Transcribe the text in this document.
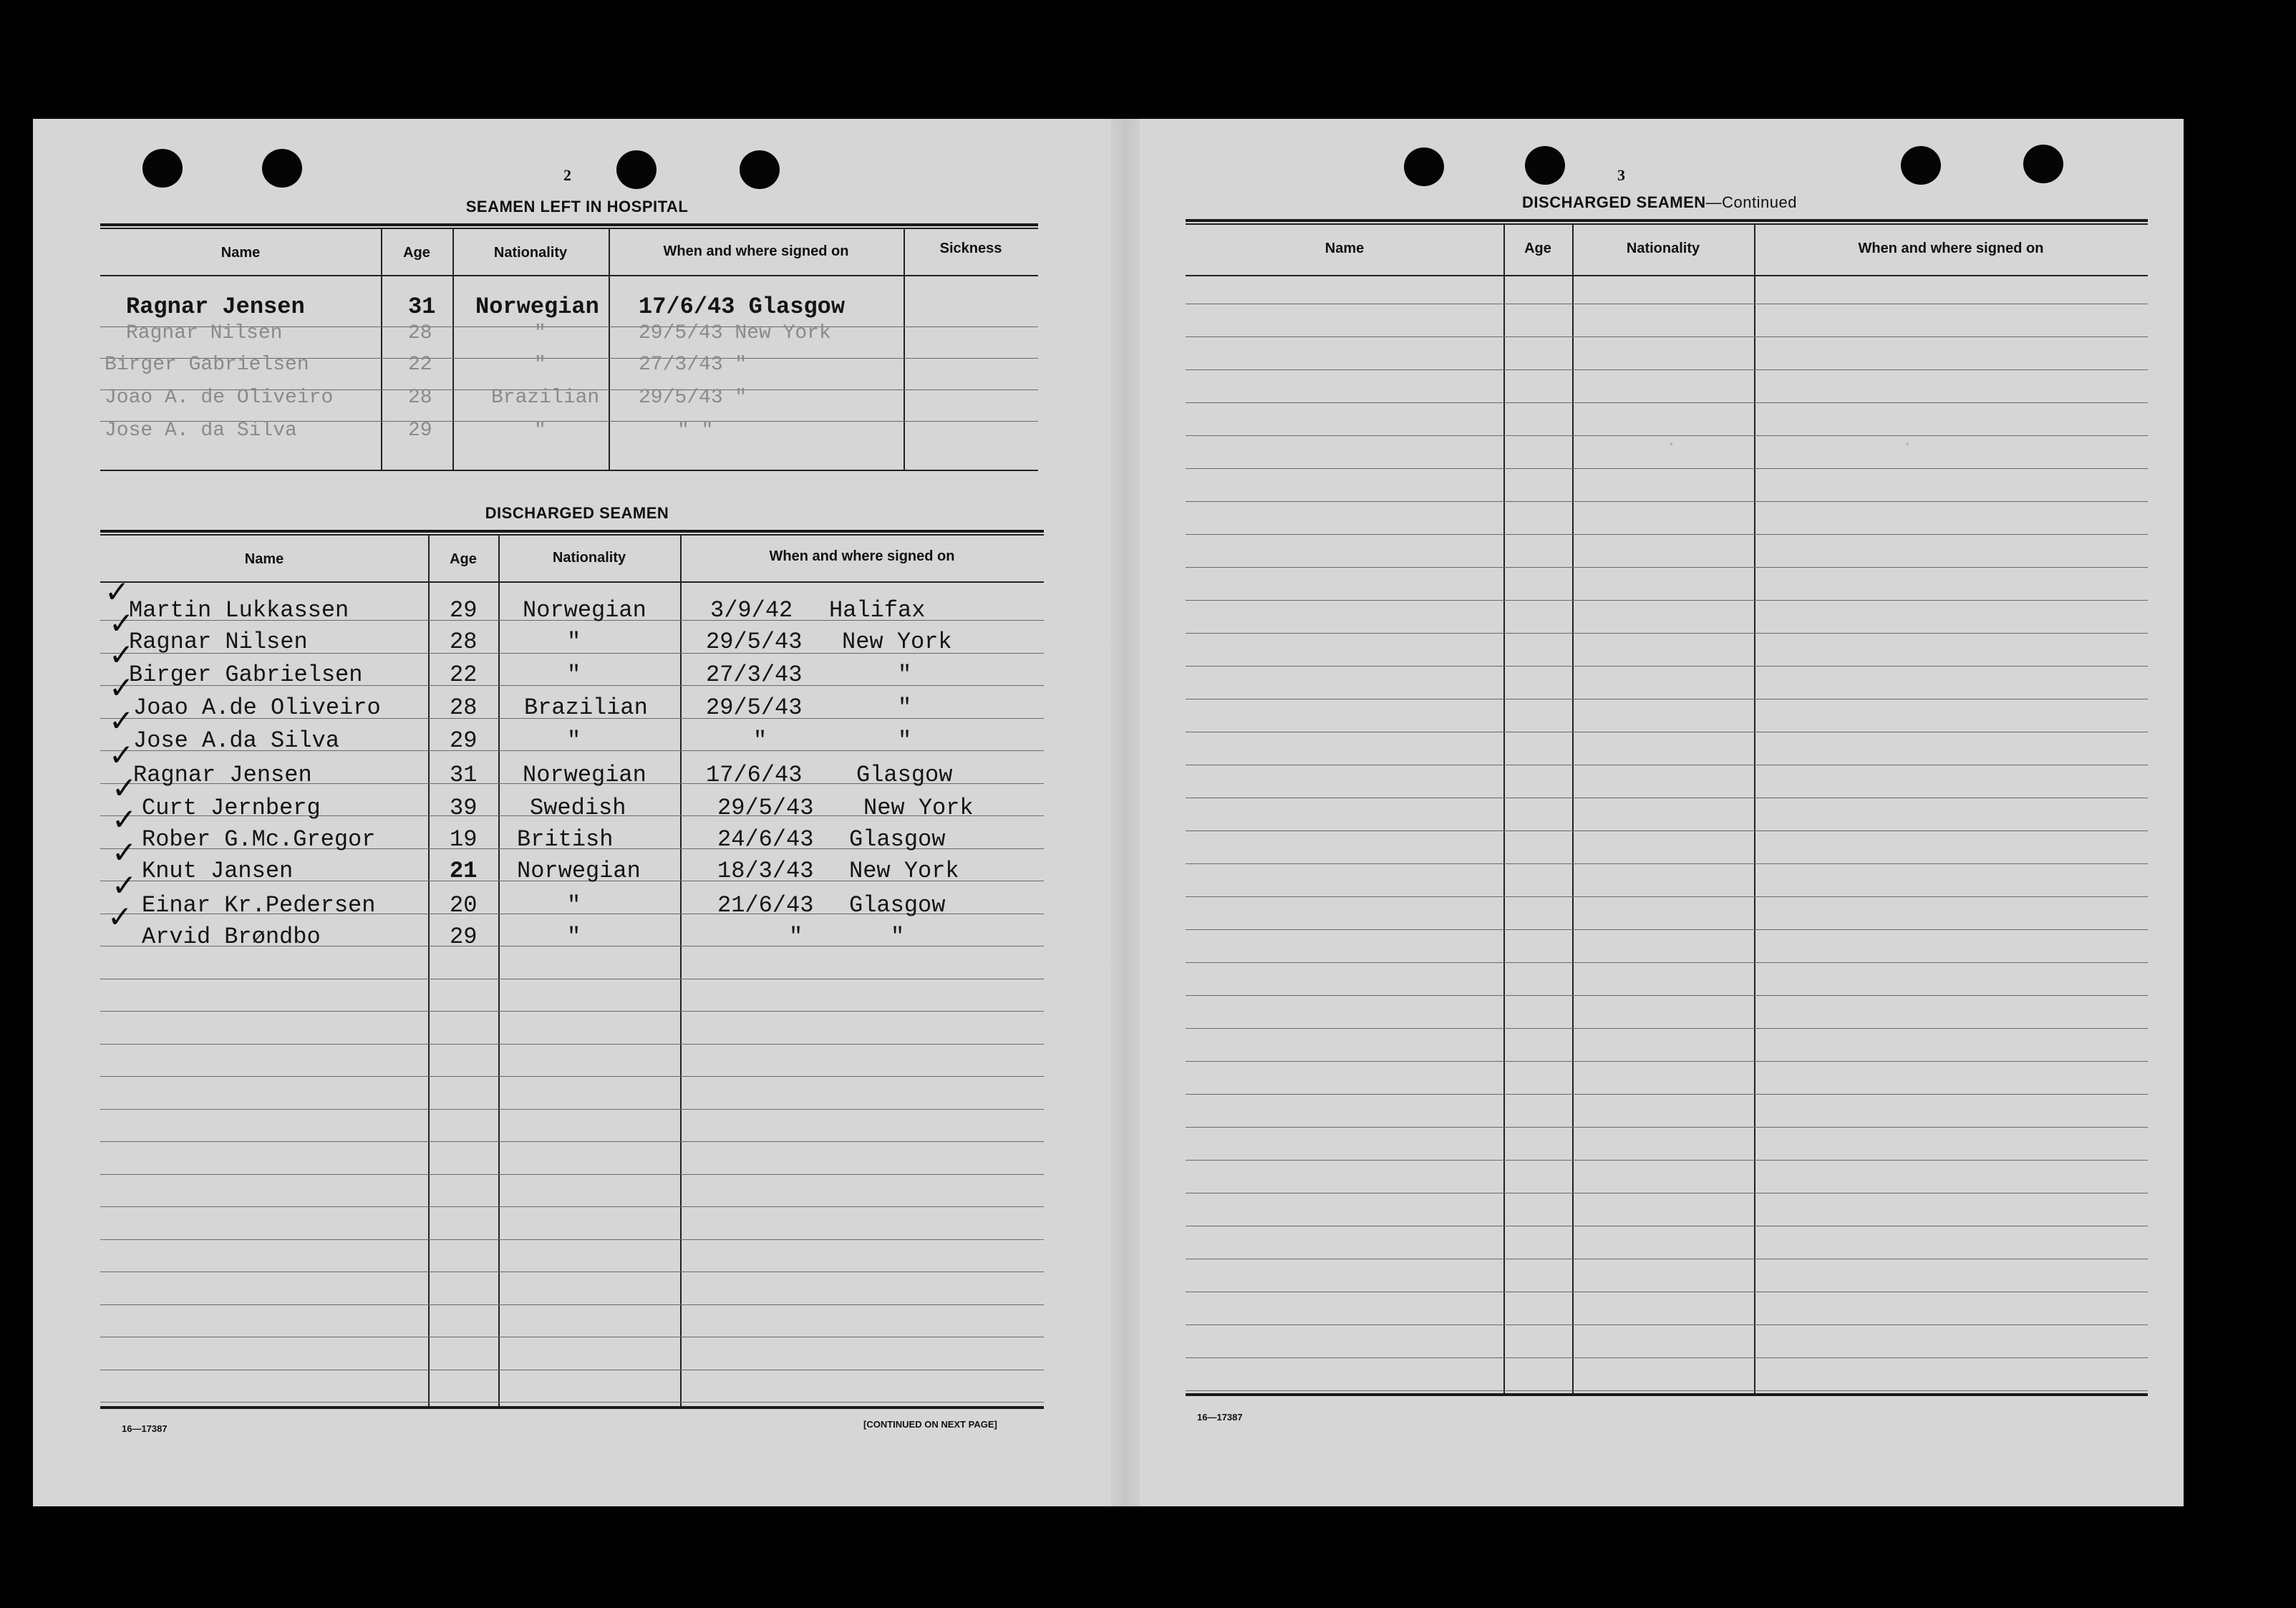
·	·
2
SEAMEN LEFT IN HOSPITAL
Name	Age	Nationality	When and where signed on	Sickness
Ragnar Jensen	31 Norwegian 17/6/43 Glasgow
Ragnar Nilsen	28	"	29/5/43 New York
Birger Gabrielsen	22	"	27/3/43 "
Joao A. de Oliveiro	28	Brazilian 29/5/43 "
Jose A. da Silva	29	"	" "
DISCHARGED SEAMEN
Name	Age	Nationality	When and where signed on
✓
Martin Lukkassen	29 Norwegian	3/9/42 Halifax
✓
Ragnar Nilsen	28	"	29/5/43 New York
✓
Birger Gabrielsen	22	"	27/3/43	"
✓
Joao A.de Oliveiro	28 Brazilian	29/5/43	"
✓
Jose A.da Silva	29	"	"	"
✓
Ragnar Jensen	31 Norwegian	17/6/43 Glasgow
✓
Curt Jernberg	39 Swedish	29/5/43 New York
✓
Rober G.Mc.Gregor	19 British	24/6/43 Glasgow
✓
Knut Jansen	21 Norwegian	18/3/43 New York
✓
Einar Kr.Pedersen	20	"	21/6/43 Glasgow
✓
Arvid Brøndbo	29	"	"	"
16—17387	[CONTINUED ON NEXT PAGE]
3
DISCHARGED SEAMEN—Continued
Name	Age	Nationality	When and where signed on
16—17387
